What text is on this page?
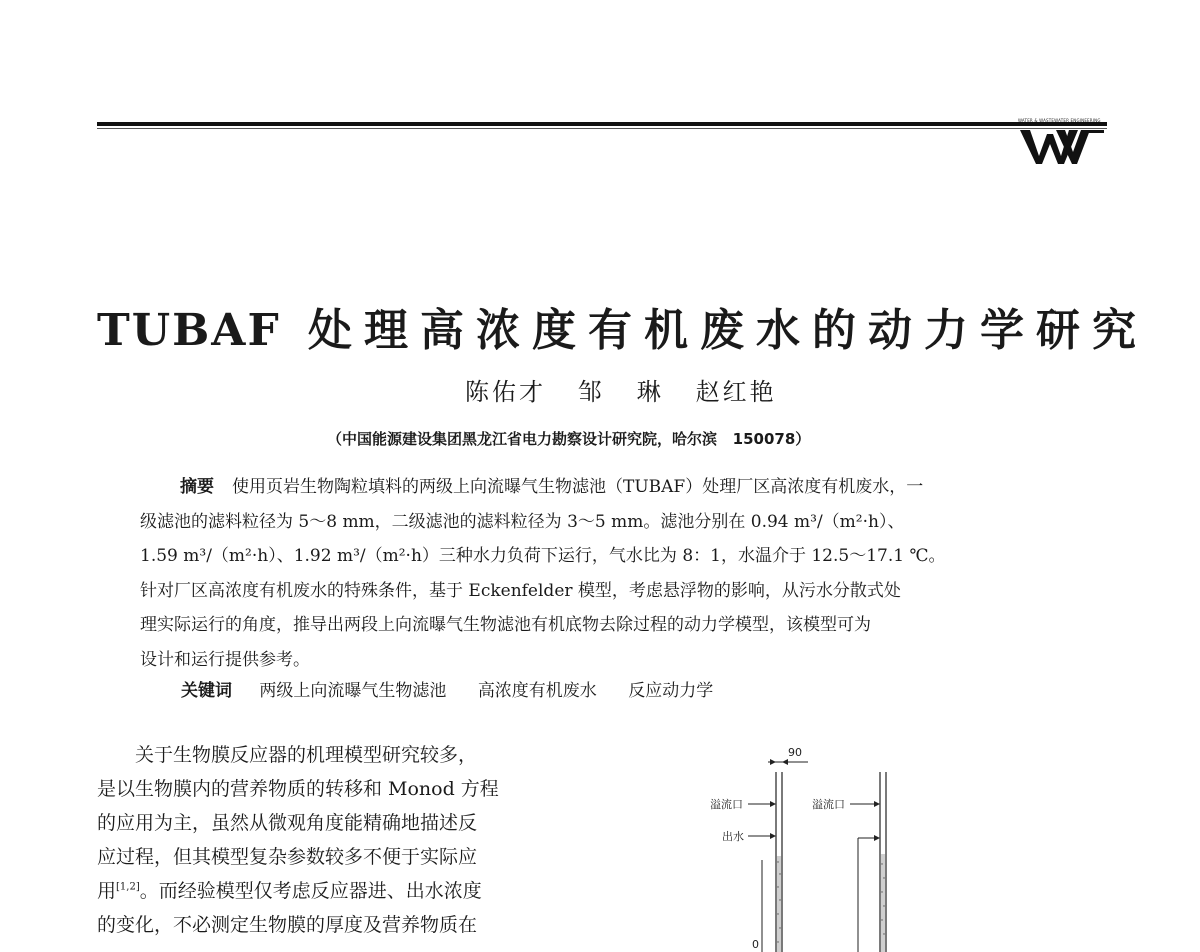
WATER & WASTEWATER ENGINEERING
TUBAF 处理高浓度有机废水的动力学研究
陈佑才   邹   琳   赵红艳
（中国能源建设集团黑龙江省电力勘察设计研究院，哈尔滨   150078）
摘要 使用页岩生物陶粒填料的两级上向流曝气生物滤池（TUBAF）处理厂区高浓度有机废水，一
级滤池的滤料粒径为 5～8 mm，二级滤池的滤料粒径为 3～5 mm。滤池分别在 0.94 m³/（m²·h）、
1.59 m³/（m²·h）、1.92 m³/（m²·h）三种水力负荷下运行，气水比为 8：1，水温介于 12.5～17.1 ℃。
针对厂区高浓度有机废水的特殊条件，基于 Eckenfelder 模型，考虑悬浮物的影响，从污水分散式处
理实际运行的角度，推导出两段上向流曝气生物滤池有机底物去除过程的动力学模型，该模型可为
设计和运行提供参考。
关键词 两级上向流曝气生物滤池 高浓度有机废水 反应动力学
关于生物膜反应器的机理模型研究较多，
是以生物膜内的营养物质的转移和 Monod 方程
的应用为主，虽然从微观角度能精确地描述反
应过程，但其模型复杂参数较多不便于实际应
用[1,2]。而经验模型仅考虑反应器进、出水浓度
的变化，不必测定生物膜的厚度及营养物质在
90
溢流口
出水
0
溢流口
